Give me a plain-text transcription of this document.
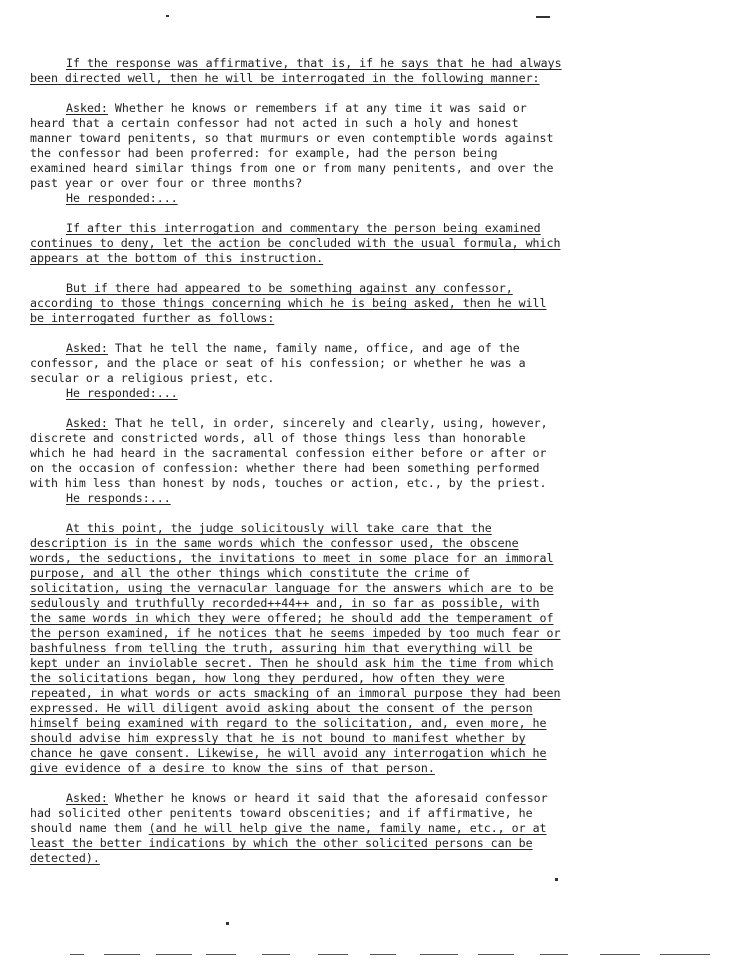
If the response was affirmative, that is, if he says that he had always
been directed well, then he will be interrogated in the following manner:
Asked: Whether he knows or remembers if at any time it was said or
heard that a certain confessor had not acted in such a holy and honest
manner toward penitents, so that murmurs or even contemptible words against
the confessor had been proferred: for example, had the person being
examined heard similar things from one or from many penitents, and over the
past year or over four or three months?
He responded:...
If after this interrogation and commentary the person being examined
continues to deny, let the action be concluded with the usual formula, which
appears at the bottom of this instruction.
But if there had appeared to be something against any confessor,
according to those things concerning which he is being asked, then he will
be interrogated further as follows:
Asked: That he tell the name, family name, office, and age of the
confessor, and the place or seat of his confession; or whether he was a
secular or a religious priest, etc.
He responded:...
Asked: That he tell, in order, sincerely and clearly, using, however,
discrete and constricted words, all of those things less than honorable
which he had heard in the sacramental confession either before or after or
on the occasion of confession: whether there had been something performed
with him less than honest by nods, touches or action, etc., by the priest.
He responds:...
At this point, the judge solicitously will take care that the
description is in the same words which the confessor used, the obscene
words, the seductions, the invitations to meet in some place for an immoral
purpose, and all the other things which constitute the crime of
solicitation, using the vernacular language for the answers which are to be
sedulously and truthfully recorded++44++ and, in so far as possible, with
the same words in which they were offered; he should add the temperament of
the person examined, if he notices that he seems impeded by too much fear or
bashfulness from telling the truth, assuring him that everything will be
kept under an inviolable secret. Then he should ask him the time from which
the solicitations began, how long they perdured, how often they were
repeated, in what words or acts smacking of an immoral purpose they had been
expressed. He will diligent avoid asking about the consent of the person
himself being examined with regard to the solicitation, and, even more, he
should advise him expressly that he is not bound to manifest whether by
chance he gave consent. Likewise, he will avoid any interrogation which he
give evidence of a desire to know the sins of that person.
Asked: Whether he knows or heard it said that the aforesaid confessor
had solicited other penitents toward obscenities; and if affirmative, he
should name them (and he will help give the name, family name, etc., or at
least the better indications by which the other solicited persons can be
detected).
